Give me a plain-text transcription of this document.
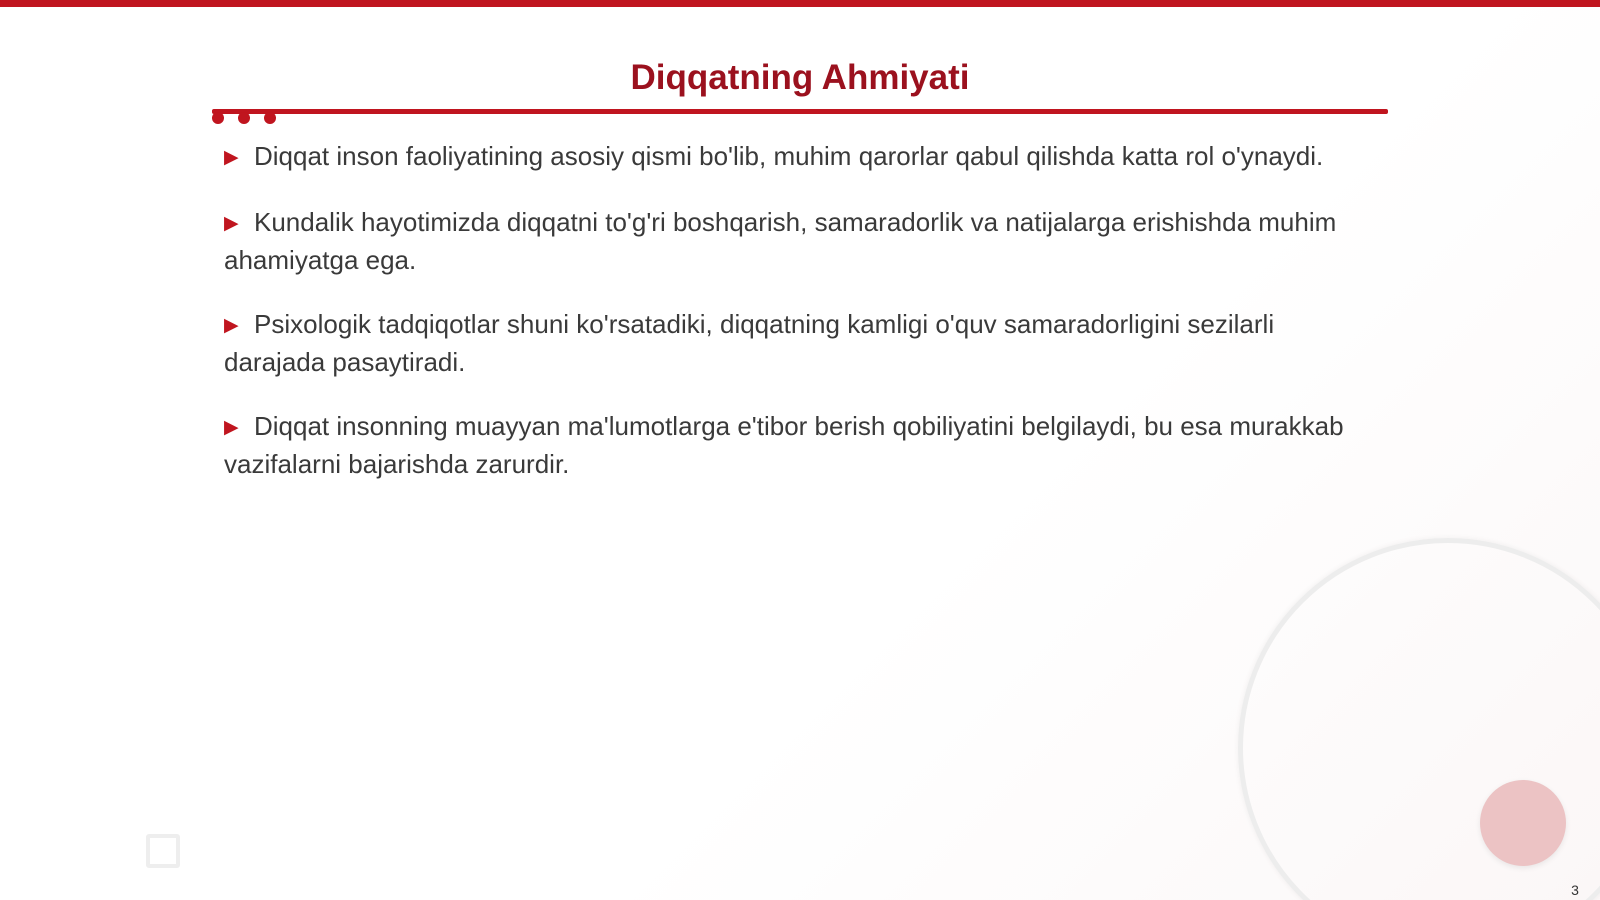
Diqqatning Ahmiyati
▶ Diqqat inson faoliyatining asosiy qismi bo'lib, muhim qarorlar qabul qilishda katta rol o'ynaydi.
▶ Kundalik hayotimizda diqqatni to'g'ri boshqarish, samaradorlik va natijalarga erishishda muhim ahamiyatga ega.
▶ Psixologik tadqiqotlar shuni ko'rsatadiki, diqqatning kamligi o'quv samaradorligini sezilarli darajada pasaytiradi.
▶ Diqqat insonning muayyan ma'lumotlarga e'tibor berish qobiliyatini belgilaydi, bu esa murakkab vazifalarni bajarishda zarurdir.
3
